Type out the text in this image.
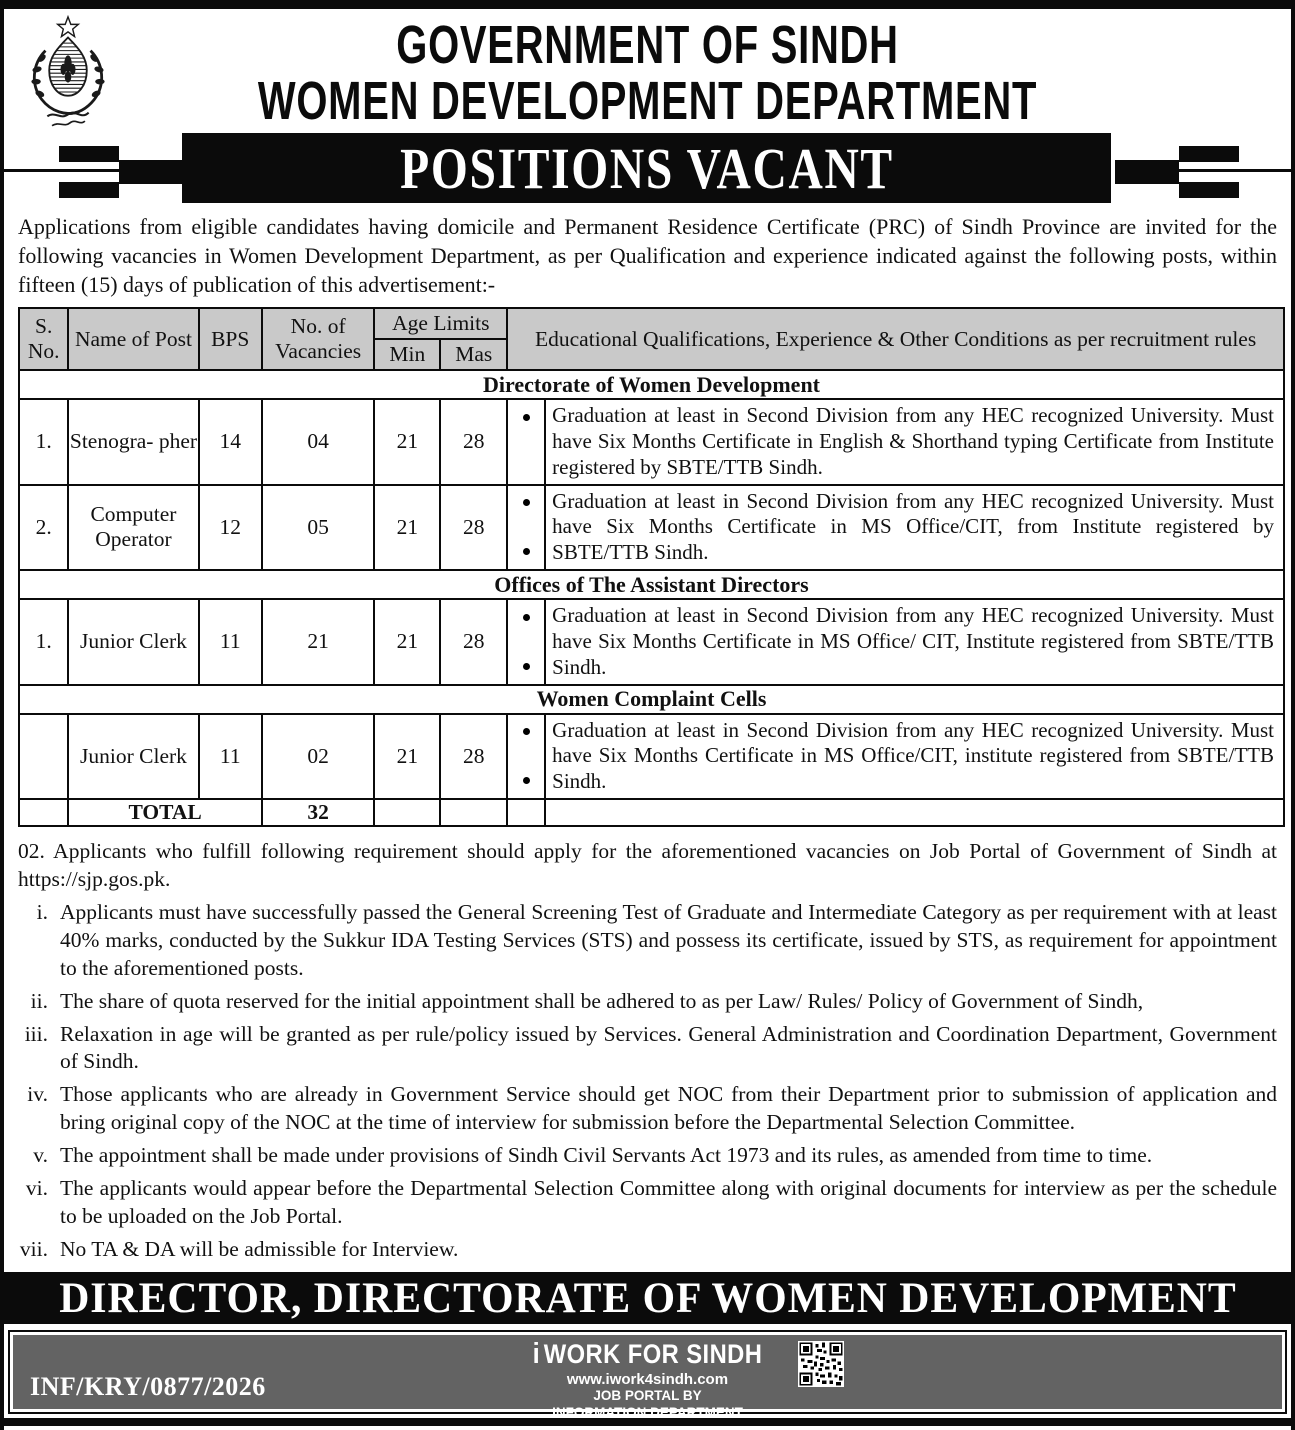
GOVERNMENT OF SINDH
WOMEN DEVELOPMENT DEPARTMENT
POSITIONS VACANT

Applications from eligible candidates having domicile and Permanent Residence Certificate (PRC) of Sindh Province are invited for the following vacancies in Women Development Department, as per Qualification and experience indicated against the following posts, within fifteen (15) days of publication of this advertisement:-

S. No.	Name of Post	BPS	No. of Vacancies	Age Limits		Educational Qualifications, Experience & Other Conditions as per recruitment rules	
				Min	Mas		
Directorate of Women Development							
1.	Stenogra- pher	14	04	21	28		Graduation at least in Second Division from any HEC recognized University. Must have Six Months Certificate in English & Shorthand typing Certificate from Institute registered by SBTE/TTB Sindh.
2.	Computer Operator	12	05	21	28		Graduation at least in Second Division from any HEC recognized University. Must have Six Months Certificate in MS Office/CIT, from Institute registered by SBTE/TTB Sindh.
Offices of The Assistant Directors							
1.	Junior Clerk	11	21	21	28		Graduation at least in Second Division from any HEC recognized University. Must have Six Months Certificate in MS Office/ CIT, Institute registered from SBTE/TTB Sindh.
Women Complaint Cells							
	Junior Clerk	11	02	21	28		Graduation at least in Second Division from any HEC recognized University. Must have Six Months Certificate in MS Office/CIT, institute registered from SBTE/TTB Sindh.
	TOTAL		32				

02. Applicants who fulfill following requirement should apply for the aforementioned vacancies on Job Portal of Government of Sindh at https://sjp.gos.pk.

i. Applicants must have successfully passed the General Screening Test of Graduate and Intermediate Category as per requirement with at least 40% marks, conducted by the Sukkur IDA Testing Services (STS) and possess its certificate, issued by STS, as requirement for appointment to the aforementioned posts.
ii. The share of quota reserved for the initial appointment shall be adhered to as per Law/ Rules/ Policy of Government of Sindh,
iii. Relaxation in age will be granted as per rule/policy issued by Services. General Administration and Coordination Department, Government of Sindh.
iv. Those applicants who are already in Government Service should get NOC from their Department prior to submission of application and bring original copy of the NOC at the time of interview for submission before the Departmental Selection Committee.
v. The appointment shall be made under provisions of Sindh Civil Servants Act 1973 and its rules, as amended from time to time.
vi. The applicants would appear before the Departmental Selection Committee along with original documents for interview as per the schedule to be uploaded on the Job Portal.
vii. No TA & DA will be admissible for Interview.
DIRECTOR, DIRECTORATE OF WOMEN DEVELOPMENT
INF/KRY/0877/2026
i WORK FOR SINDH
www.iwork4sindh.com
JOB PORTAL BY
INFORMATION DEPARTMENT
